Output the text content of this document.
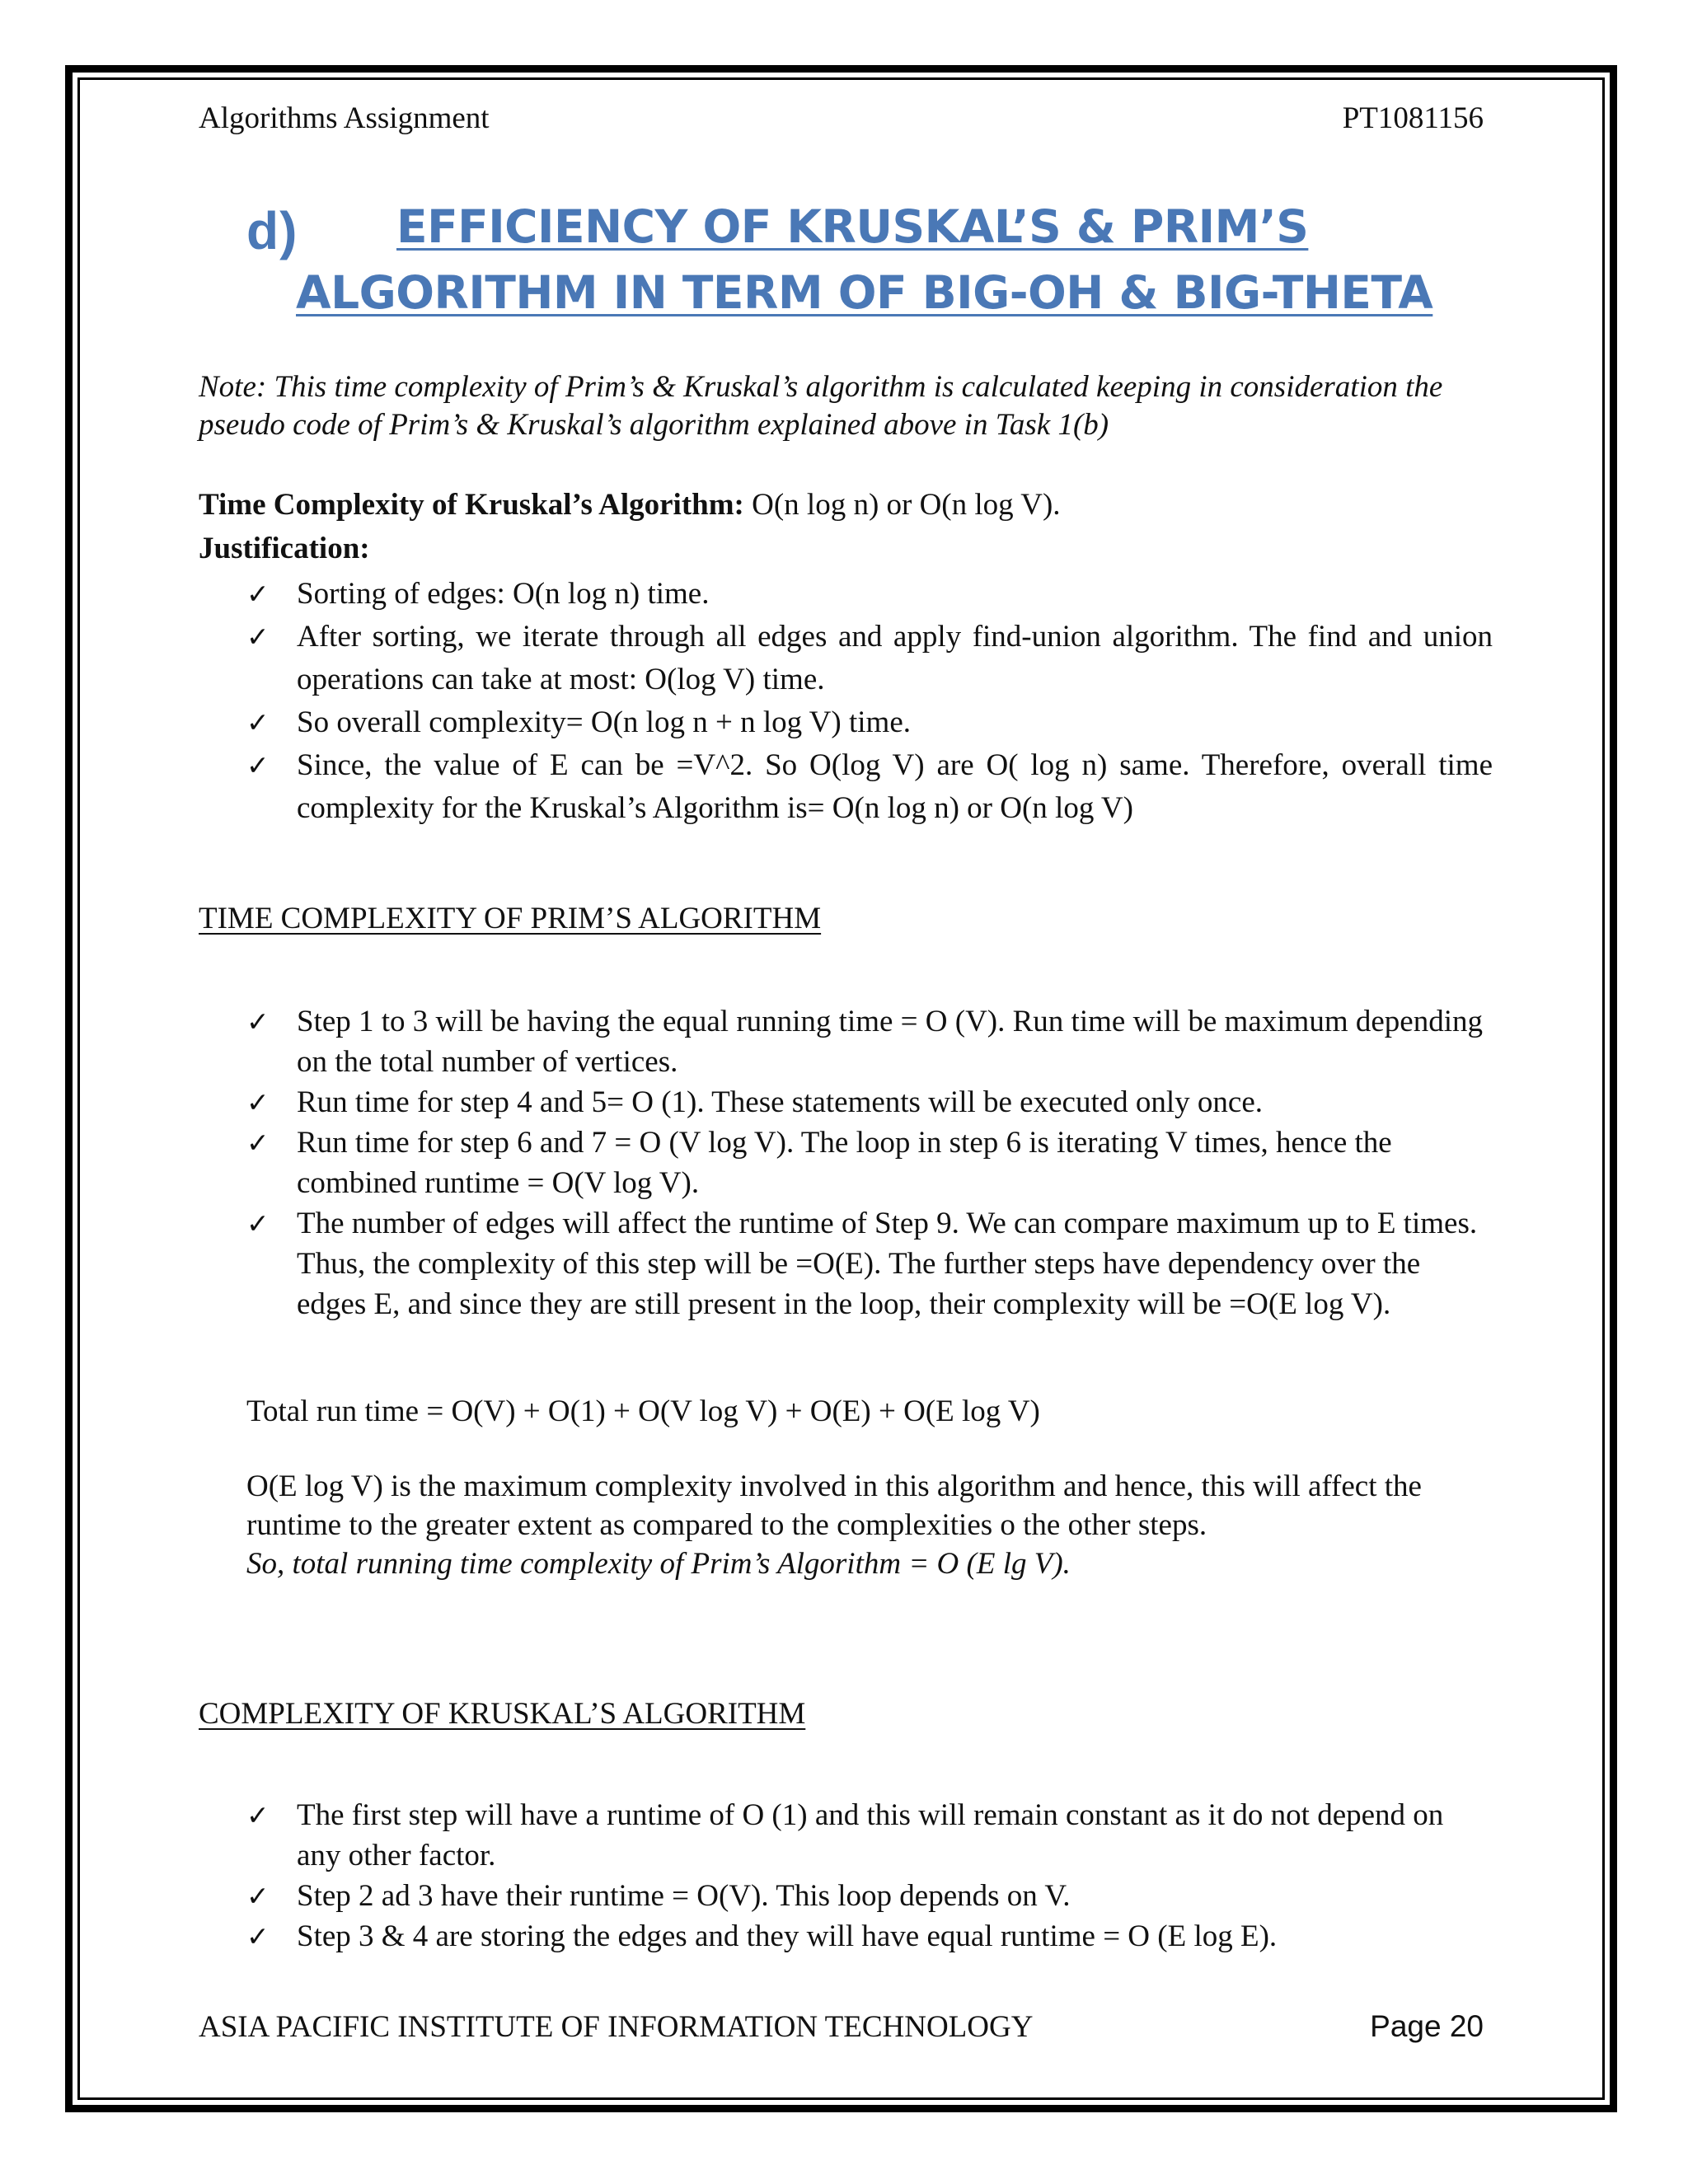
Algorithms Assignment	PT1081156
d) EFFICIENCY OF KRUSKAL’S & PRIM’S
ALGORITHM IN TERM OF BIG-OH & BIG-THETA

Note: This time complexity of Prim’s & Kruskal’s algorithm is calculated keeping in consideration the pseudo code of Prim’s & Kruskal’s algorithm explained above in Task 1(b)

Time Complexity of Kruskal’s Algorithm: O(n log n) or O(n log V).
Justification:
✓ Sorting of edges: O(n log n) time.
✓ After sorting, we iterate through all edges and apply find-union algorithm. The find and union operations can take at most: O(log V) time.
✓ So overall complexity= O(n log n + n log V) time.
✓ Since, the value of E can be =V^2. So O(log V) are O( log n) same. Therefore, overall time complexity for the Kruskal’s Algorithm is= O(n log n) or O(n log V)
TIME COMPLEXITY OF PRIM’S ALGORITHM
✓ Step 1 to 3 will be having the equal running time = O (V). Run time will be maximum depending on the total number of vertices.
✓ Run time for step 4 and 5= O (1). These statements will be executed only once.
✓ Run time for step 6 and 7 = O (V log V). The loop in step 6 is iterating V times, hence the combined runtime = O(V log V).
✓ The number of edges will affect the runtime of Step 9. We can compare maximum up to E times. Thus, the complexity of this step will be =O(E). The further steps have dependency over the edges E, and since they are still present in the loop, their complexity will be =O(E log V).
Total run time = O(V) + O(1) + O(V log V) + O(E) + O(E log V)
O(E log V) is the maximum complexity involved in this algorithm and hence, this will affect the runtime to the greater extent as compared to the complexities o the other steps.
So, total running time complexity of Prim’s Algorithm = O (E lg V).
COMPLEXITY OF KRUSKAL’S ALGORITHM
✓ The first step will have a runtime of O (1) and this will remain constant as it do not depend on any other factor.
✓ Step 2 ad 3 have their runtime = O(V). This loop depends on V.
✓ Step 3 & 4 are storing the edges and they will have equal runtime = O (E log E).
ASIA PACIFIC INSTITUTE OF INFORMATION TECHNOLOGY	Page 20
